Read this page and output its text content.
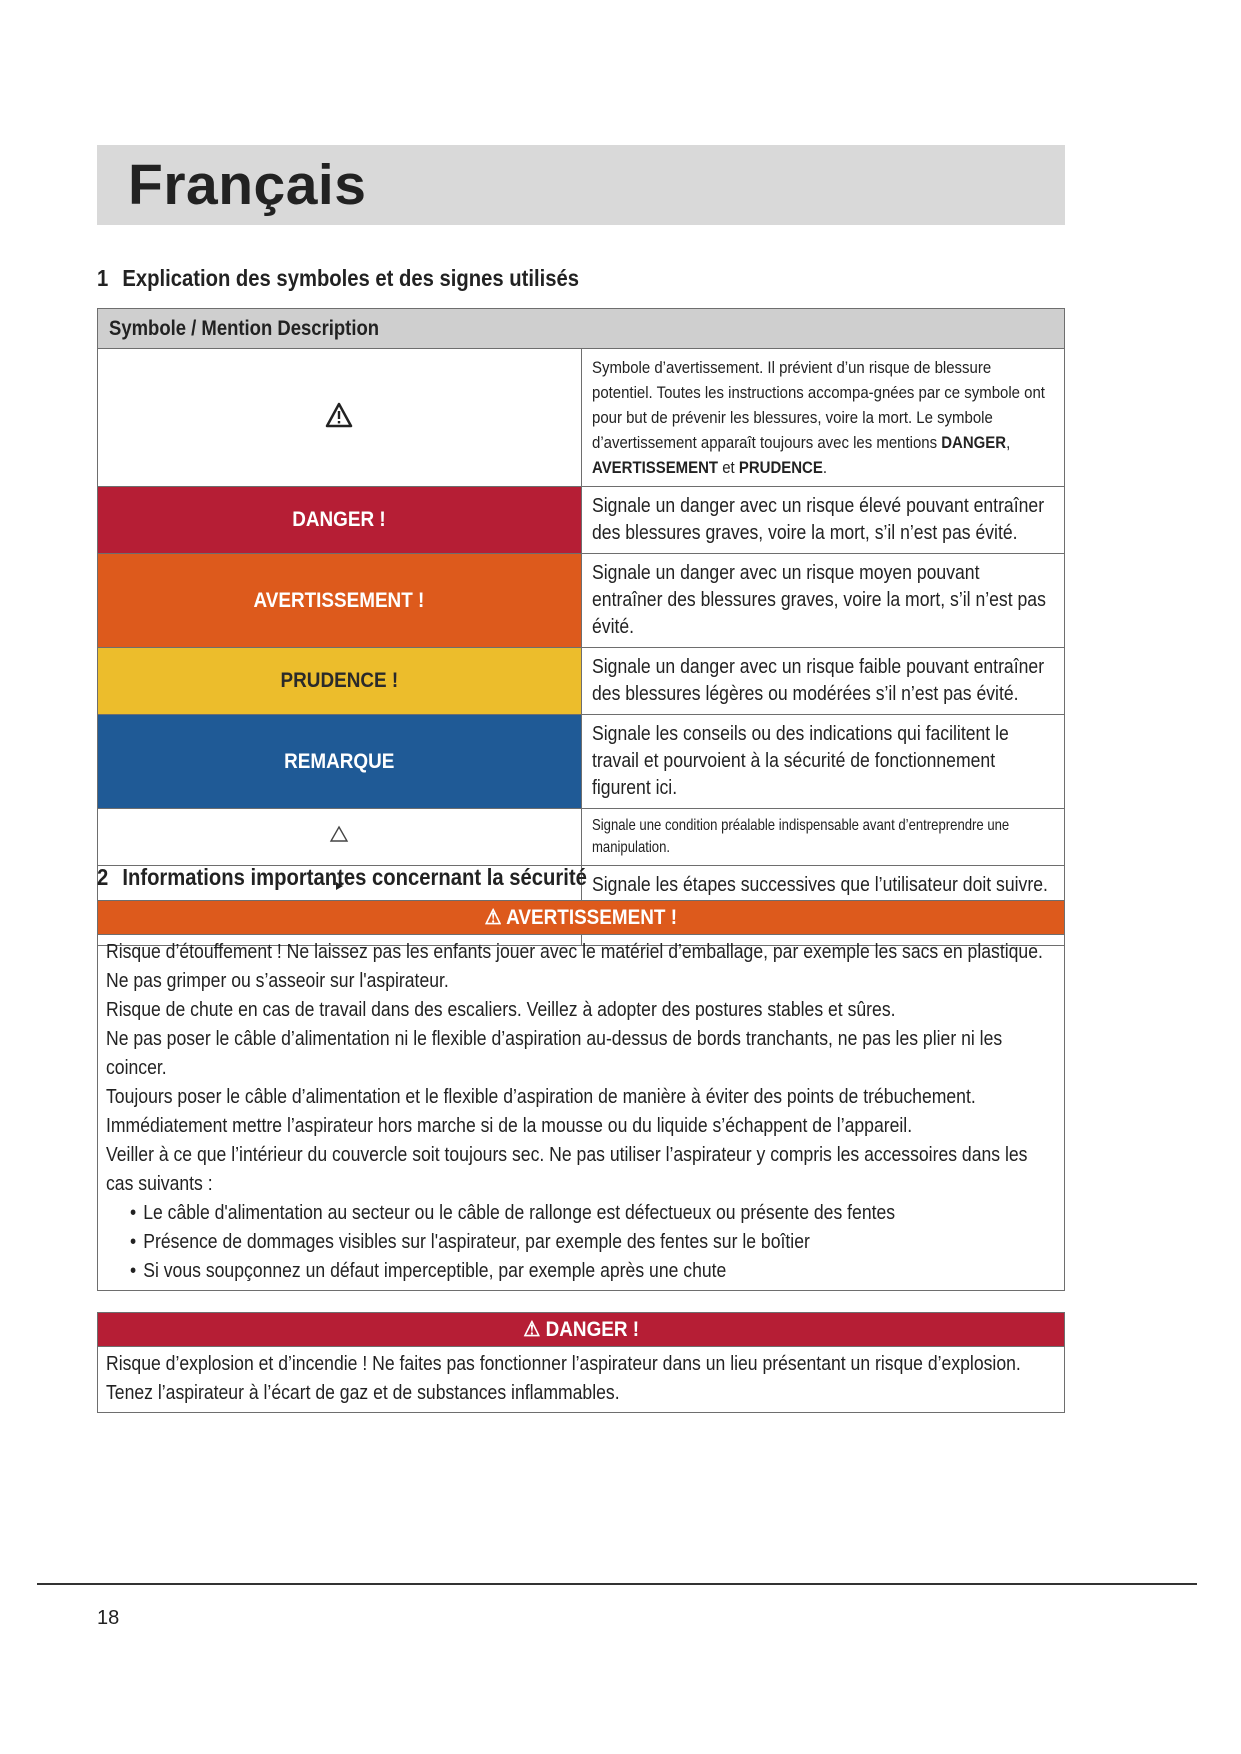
Français
1 Explication des symboles et des signes utilisés
Symbole / Mention Description	

Symbole d’avertissement. Il prévient d’un risque de blessure potentiel. Toutes les instructions accompa-gnées par ce symbole ont pour but de prévenir les blessures, voire la mort. Le symbole d’avertissement apparaît toujours avec les mentions DANGER, AVERTISSEMENT et PRUDENCE.

DANGER !	Signale un danger avec un risque élevé pouvant entraîner des blessures graves, voire la mort, s’il n’est pas évité.

AVERTISSEMENT !	Signale un danger avec un risque moyen pouvant entraîner des blessures graves, voire la mort, s’il n’est pas évité.

PRUDENCE !	Signale un danger avec un risque faible pouvant entraîner des blessures légères ou modérées s’il n’est pas évité.

REMARQUE	Signale les conseils ou des indications qui facilitent le travail et pourvoient à la sécurité de fonctionnement figurent ici.

Signale une condition préalable indispensable avant d’entreprendre une manipulation.

Signale les étapes successives que l’utilisateur doit suivre.

2 Informations importantes concernant la sécurité
⚠ AVERTISSEMENT !

Risque d’étouffement ! Ne laissez pas les enfants jouer avec le matériel d’emballage, par exemple les sacs en plastique.

Ne pas grimper ou s’asseoir sur l'aspirateur.

Risque de chute en cas de travail dans des escaliers. Veillez à adopter des postures stables et sûres.

Ne pas poser le câble d’alimentation ni le flexible d’aspiration au-dessus de bords tranchants, ne pas les plier ni les coincer.

Toujours poser le câble d’alimentation et le flexible d’aspiration de manière à éviter des points de trébuchement.

Immédiatement mettre l’aspirateur hors marche si de la mousse ou du liquide s’échappent de l’appareil.

Veiller à ce que l’intérieur du couvercle soit toujours sec. Ne pas utiliser l’aspirateur y compris les accessoires dans les cas suivants :

• Le câble d'alimentation au secteur ou le câble de rallonge est défectueux ou présente des fentes
• Présence de dommages visibles sur l'aspirateur, par exemple des fentes sur le boîtier
• Si vous soupçonnez un défaut imperceptible, par exemple après une chute
⚠ DANGER !

Risque d’explosion et d’incendie ! Ne faites pas fonctionner l’aspirateur dans un lieu présentant un risque d’explosion.

Tenez l’aspirateur à l’écart de gaz et de substances inflammables.

18
